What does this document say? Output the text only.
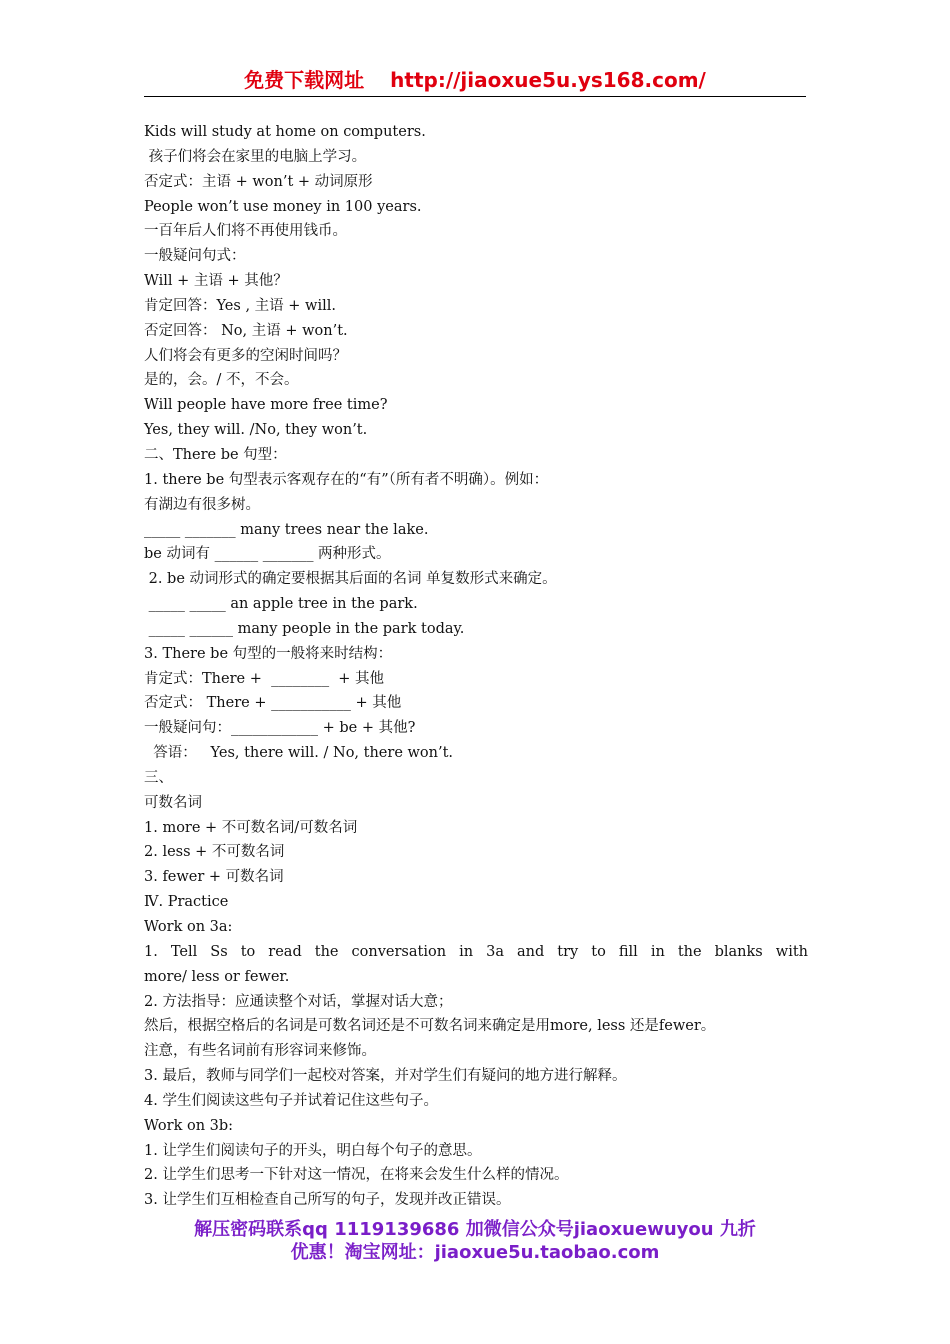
免费下载网址 http://jiaoxue5u.ys168.com/
Kids will study at home on computers.
孩子们将会在家里的电脑上学习。
否定式：主语 + won’t + 动词原形
People won’t use money in 100 years.
一百年后人们将不再使用钱币。
一般疑问句式：
Will + 主语 + 其他？
肯定回答：Yes , 主语 + will.
否定回答： No, 主语 + won’t.
人们将会有更多的空闲时间吗？
是的，会。/ 不，不会。
Will people have more free time?
Yes, they will. /No, they won’t.
二、There be 句型：
1. there be 句型表示客观存在的“有”（所有者不明确）。例如：
有湖边有很多树。
_____ _______ many trees near the lake.
be 动词有 ______ _______ 两种形式。
2. be 动词形式的确定要根据其后面的名词 单复数形式来确定。
_____ _____ an apple tree in the park.
_____ ______ many people in the park today.
3. There be 句型的一般将来时结构：
肯定式：There +  ________  + 其他
否定式： There + ___________ + 其他
一般疑问句：____________ + be + 其他?
答语：   Yes, there will. / No, there won’t.
三、
可数名词
1. more + 不可数名词/可数名词
2. less + 不可数名词
3. fewer + 可数名词
Ⅳ. Practice
Work on 3a:
1. Tell Ss to read the conversation in 3a and try to fill in the blanks with
more/ less or fewer.
2. 方法指导：应通读整个对话，掌握对话大意；
然后，根据空格后的名词是可数名词还是不可数名词来确定是用more, less 还是fewer。
注意，有些名词前有形容词来修饰。
3. 最后，教师与同学们一起校对答案，并对学生们有疑问的地方进行解释。
4. 学生们阅读这些句子并试着记住这些句子。
Work on 3b:
1. 让学生们阅读句子的开头，明白每个句子的意思。
2. 让学生们思考一下针对这一情况，在将来会发生什么样的情况。
3. 让学生们互相检查自己所写的句子，发现并改正错误。
解压密码联系qq 1119139686 加微信公众号jiaoxuewuyou 九折
优惠！淘宝网址：jiaoxue5u.taobao.com
